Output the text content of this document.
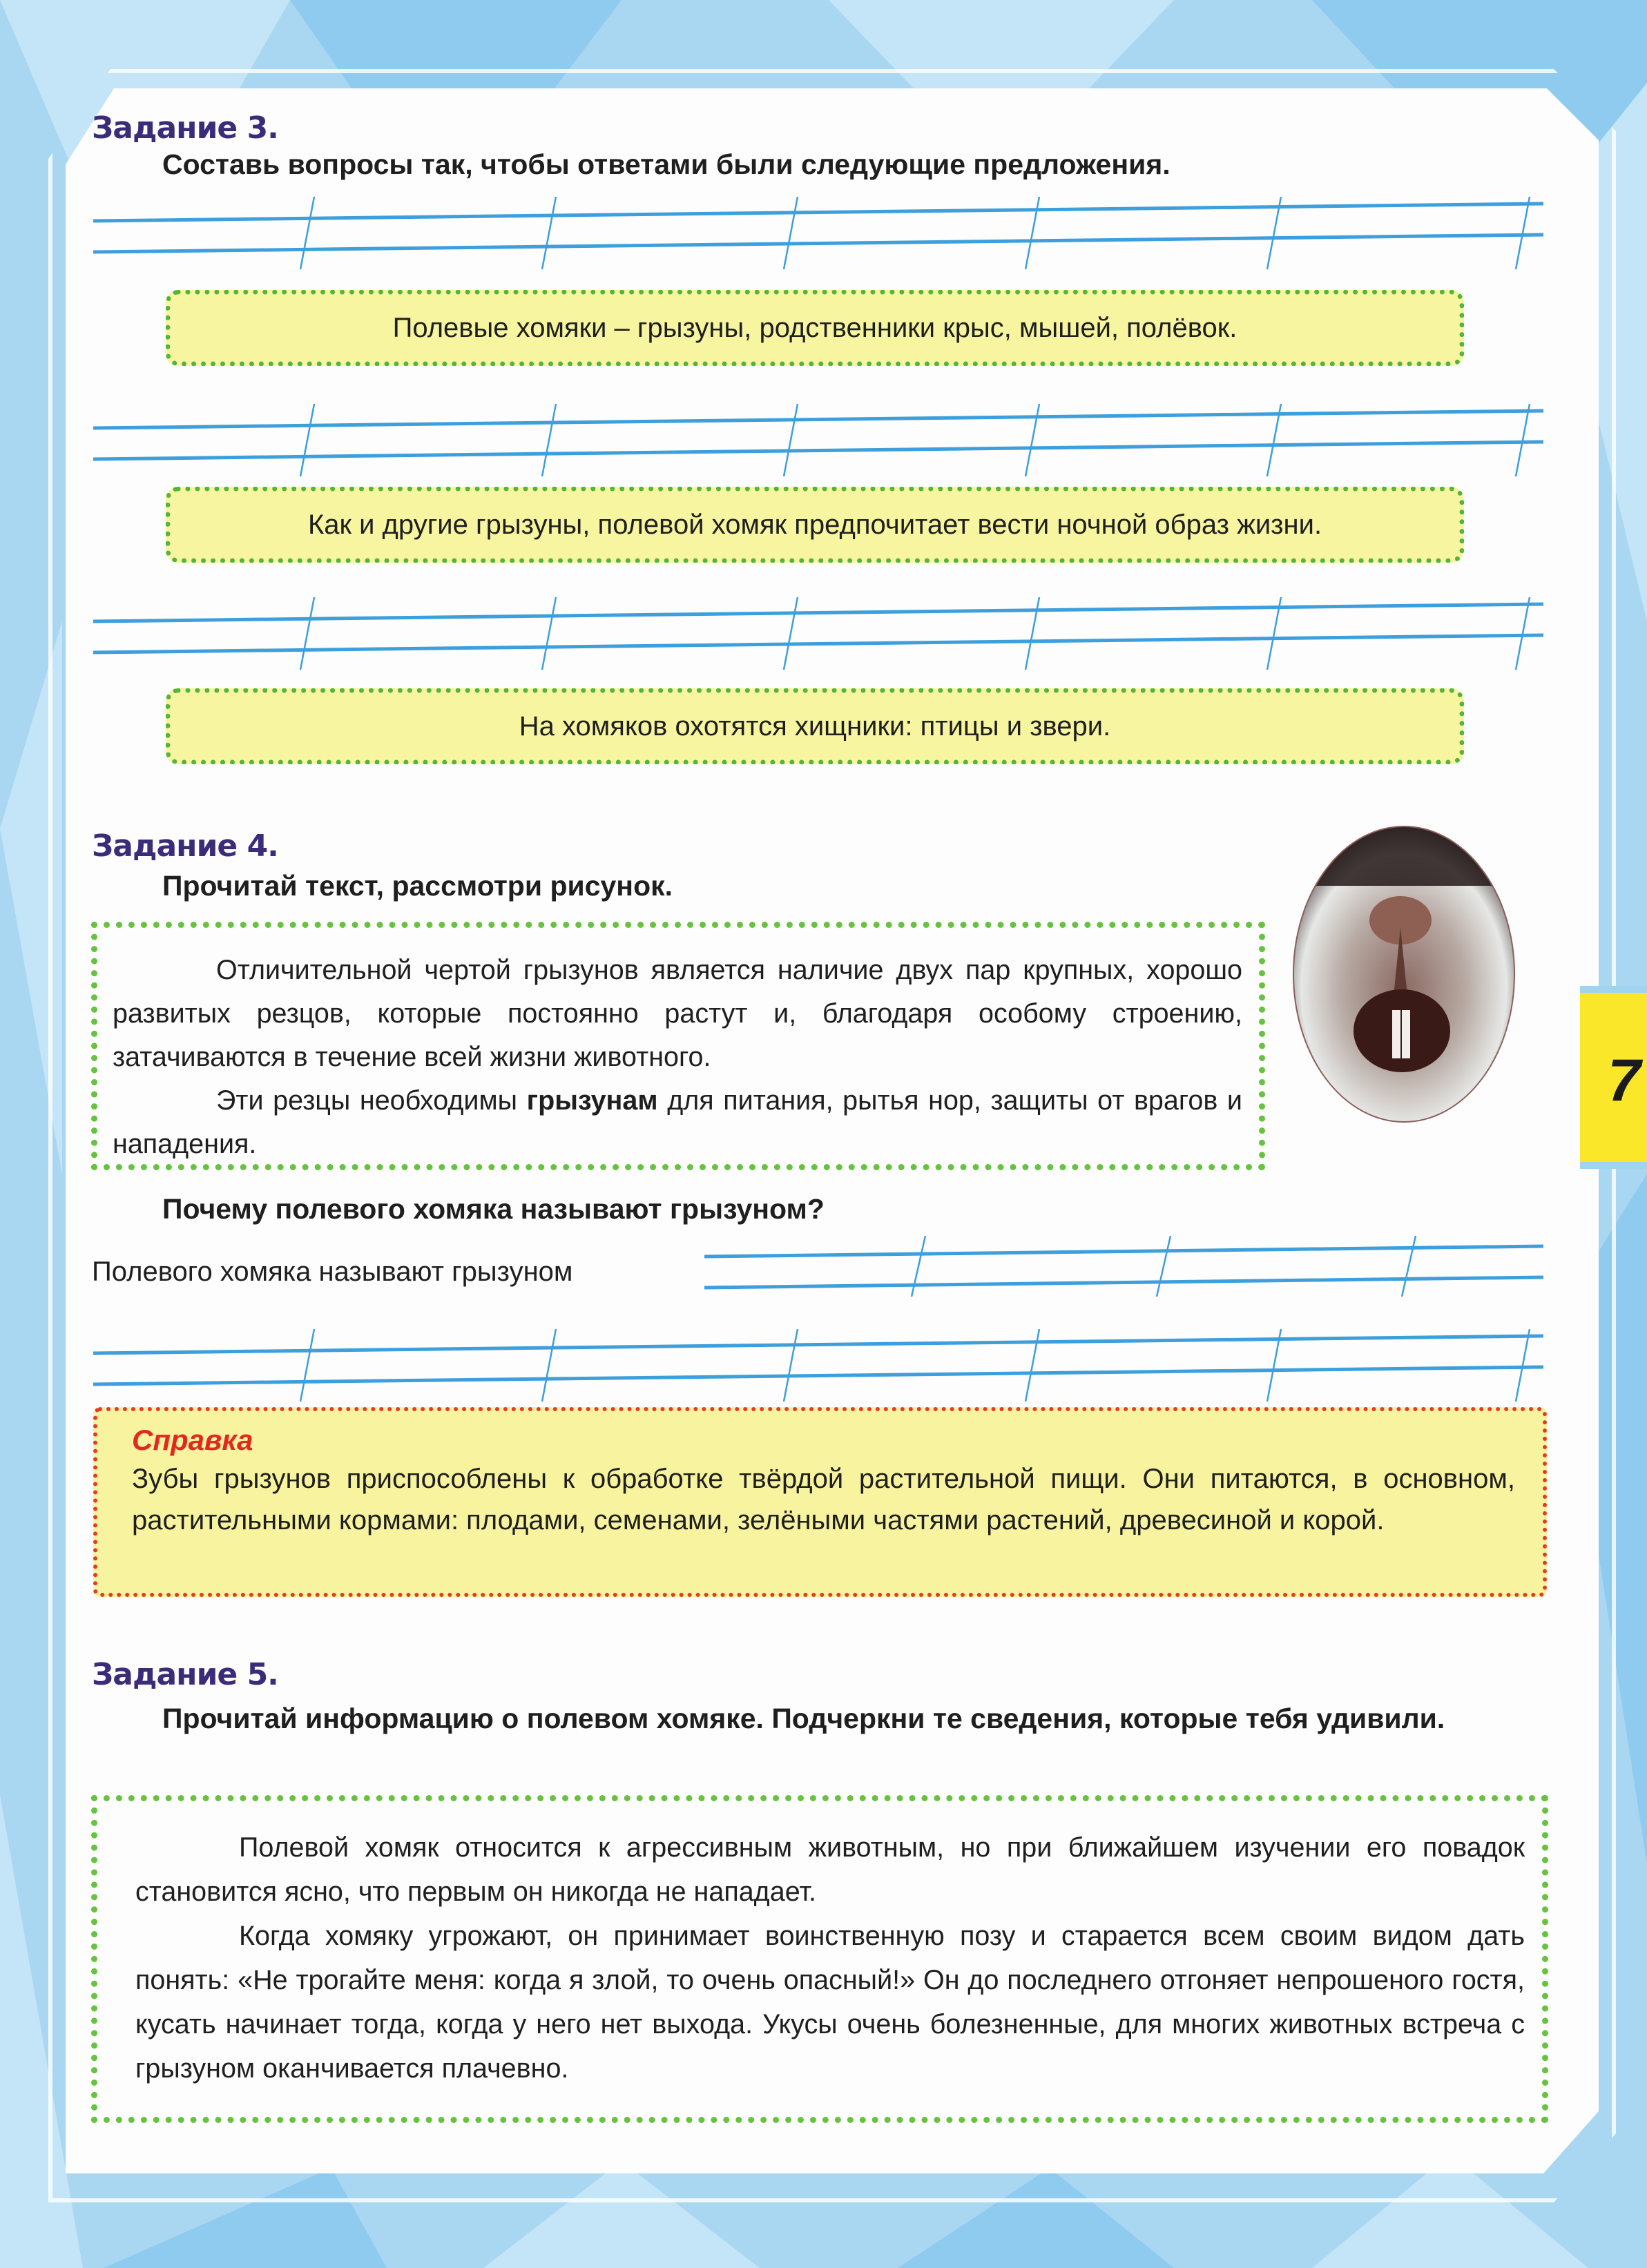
Задание 3.
Составь вопросы так, чтобы ответами были следующие предложения.
Полевые хомяки – грызуны, родственники крыс, мышей, полёвок.
Как и другие грызуны, полевой хомяк предпочитает вести ночной образ жизни.
На хомяков охотятся хищники: птицы и звери.
Задание 4.
Прочитай текст, рассмотри рисунок.

Отличительной чертой грызунов является наличие двух пар крупных, хорошо развитых резцов, которые постоянно растут и, благодаря особому строению, затачиваются в течение всей жизни животного.

Эти резцы необходимы грызунам для питания, рытья нор, защиты от врагов и нападения.

Почему полевого хомяка называют грызуном?
Полевого хомяка называют грызуном
Справка
Зубы грызунов приспособлены к обработке твёрдой растительной пищи. Они питаются, в основном, растительными кормами: плодами, семенами, зелёными частями растений, древесиной и корой.
Задание 5.
Прочитай информацию о полевом хомяке. Подчеркни те сведения, которые тебя удивили.

Полевой хомяк относится к агрессивным животным, но при ближайшем изучении его повадок становится ясно, что первым он никогда не нападает.

Когда хомяку угрожают, он принимает воинственную позу и старается всем своим видом дать понять: «Не трогайте меня: когда я злой, то очень опасный!» Он до последнего отгоняет непрошеного гостя, кусать начинает тогда, когда у него нет выхода. Укусы очень болезненные, для многих животных встреча с грызуном оканчивается плачевно.

7
